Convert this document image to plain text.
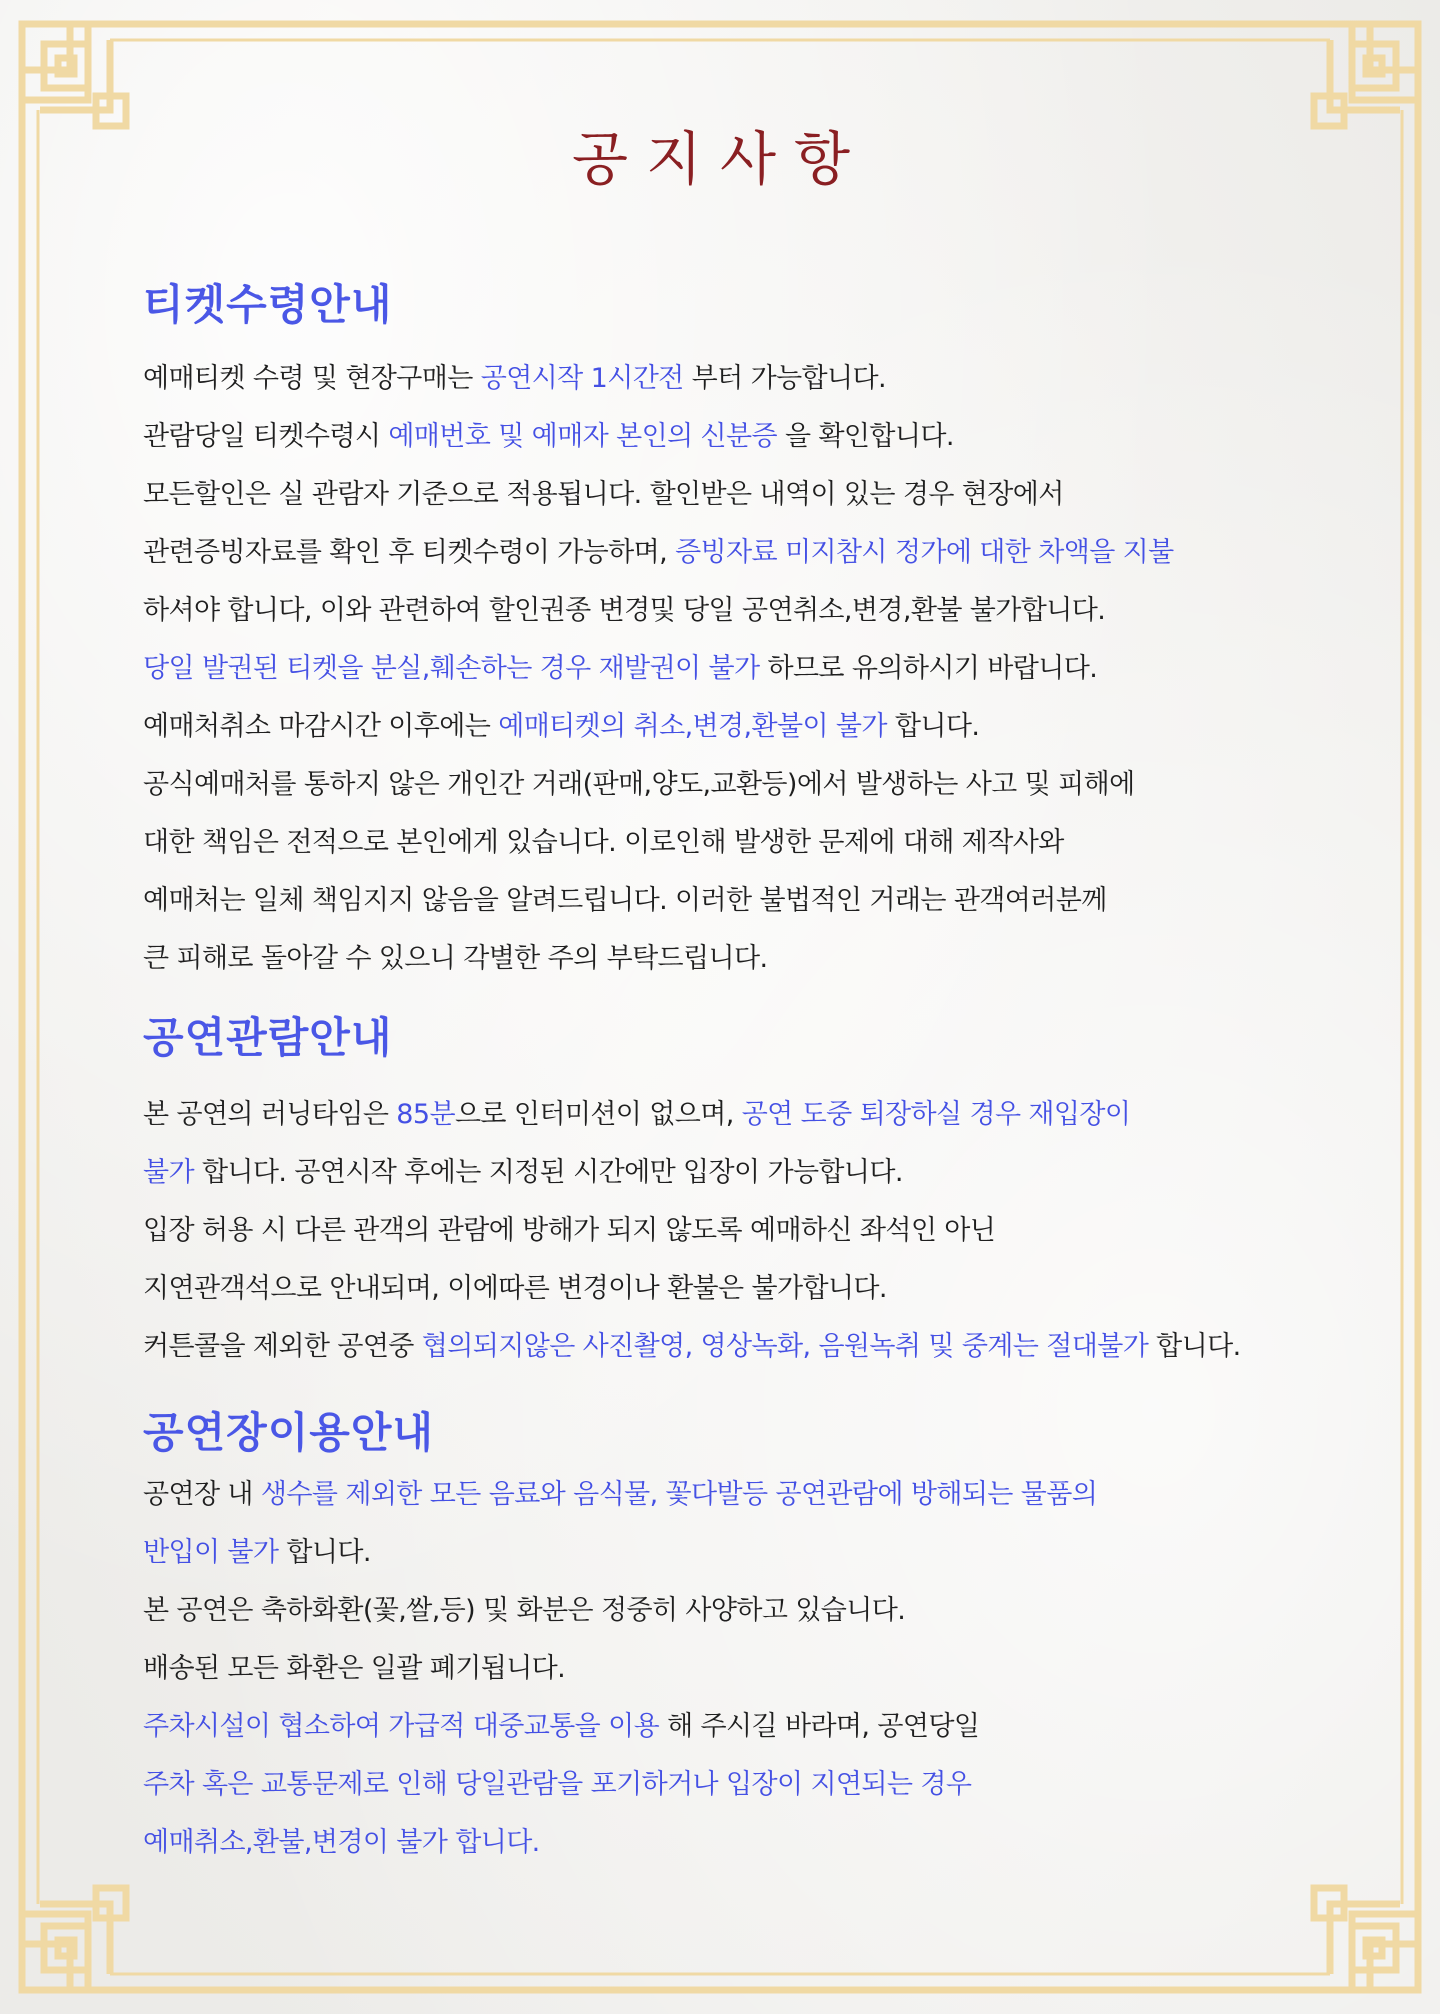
공지사항
티켓수령안내
예매티켓 수령 및 현장구매는 공연시작 1시간전 부터 가능합니다.
관람당일 티켓수령시 예매번호 및 예매자 본인의 신분증 을 확인합니다.
모든할인은 실 관람자 기준으로 적용됩니다. 할인받은 내역이 있는 경우 현장에서
관련증빙자료를 확인 후 티켓수령이 가능하며, 증빙자료 미지참시 정가에 대한 차액을 지불
하셔야 합니다, 이와 관련하여 할인권종 변경및 당일 공연취소,변경,환불 불가합니다.
당일 발권된 티켓을 분실,훼손하는 경우 재발권이 불가 하므로 유의하시기 바랍니다.
예매처취소 마감시간 이후에는 예매티켓의 취소,변경,환불이 불가 합니다.
공식예매처를 통하지 않은 개인간 거래(판매,양도,교환등)에서 발생하는 사고 및 피해에
대한 책임은 전적으로 본인에게 있습니다. 이로인해 발생한 문제에 대해 제작사와
예매처는 일체 책임지지 않음을 알려드립니다. 이러한 불법적인 거래는 관객여러분께
큰 피해로 돌아갈 수 있으니 각별한 주의 부탁드립니다.
공연관람안내
본 공연의 러닝타임은 85분으로 인터미션이 없으며, 공연 도중 퇴장하실 경우 재입장이
불가 합니다. 공연시작 후에는 지정된 시간에만 입장이 가능합니다.
입장 허용 시 다른 관객의 관람에 방해가 되지 않도록 예매하신 좌석인 아닌
지연관객석으로 안내되며, 이에따른 변경이나 환불은 불가합니다.
커튼콜을 제외한 공연중 협의되지않은 사진촬영, 영상녹화, 음원녹취 및 중계는 절대불가 합니다.
공연장이용안내
공연장 내 생수를 제외한 모든 음료와 음식물, 꽃다발등 공연관람에 방해되는 물품의
반입이 불가 합니다.
본 공연은 축하화환(꽃,쌀,등) 및 화분은 정중히 사양하고 있습니다.
배송된 모든 화환은 일괄 폐기됩니다.
주차시설이 협소하여 가급적 대중교통을 이용 해 주시길 바라며, 공연당일
주차 혹은 교통문제로 인해 당일관람을 포기하거나 입장이 지연되는 경우
예매취소,환불,변경이 불가 합니다.
